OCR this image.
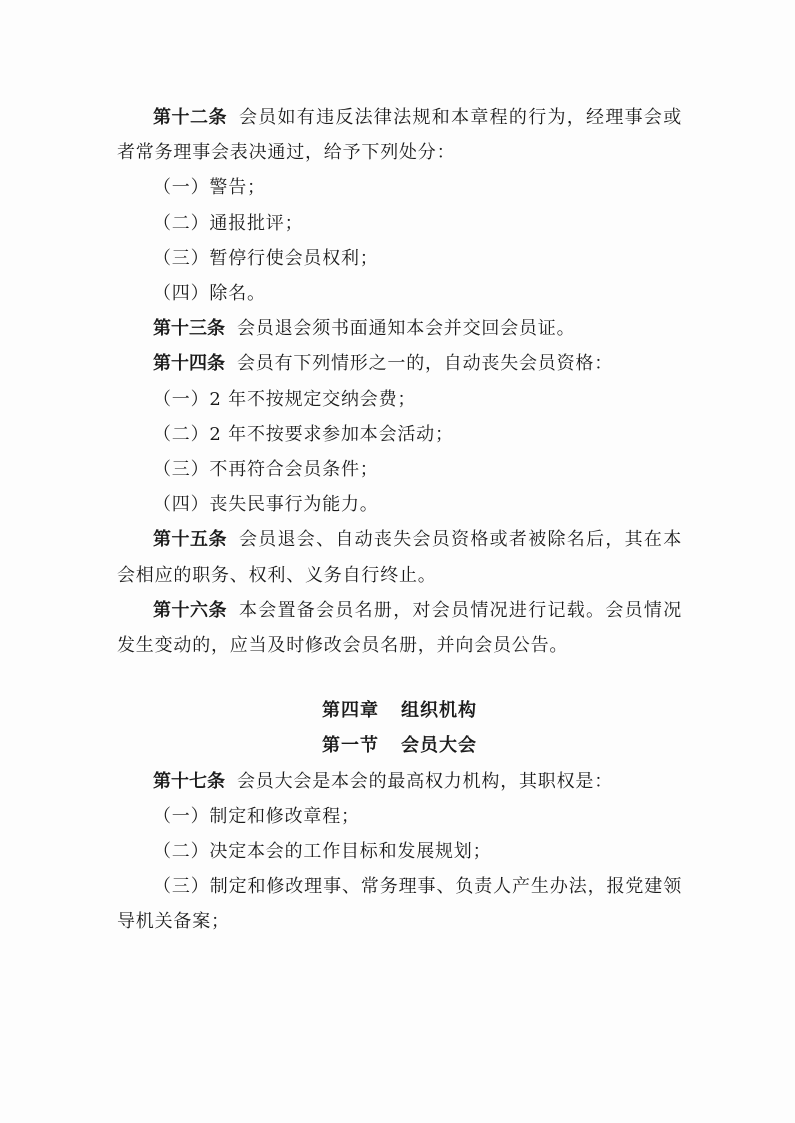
第十二条 会员如有违反法律法规和本章程的行为，经理事会或者常务理事会表决通过，给予下列处分：

（一）警告；

（二）通报批评；

（三）暂停行使会员权利；

（四）除名。

第十三条 会员退会须书面通知本会并交回会员证。

第十四条 会员有下列情形之一的，自动丧失会员资格：

（一）2 年不按规定交纳会费；

（二）2 年不按要求参加本会活动；

（三）不再符合会员条件；

（四）丧失民事行为能力。

第十五条 会员退会、自动丧失会员资格或者被除名后，其在本会相应的职务、权利、义务自行终止。

第十六条 本会置备会员名册，对会员情况进行记载。会员情况发生变动的，应当及时修改会员名册，并向会员公告。

第四章 组织机构

第一节 会员大会

第十七条 会员大会是本会的最高权力机构，其职权是：

（一）制定和修改章程；

（二）决定本会的工作目标和发展规划；

（三）制定和修改理事、常务理事、负责人产生办法，报党建领导机关备案；
